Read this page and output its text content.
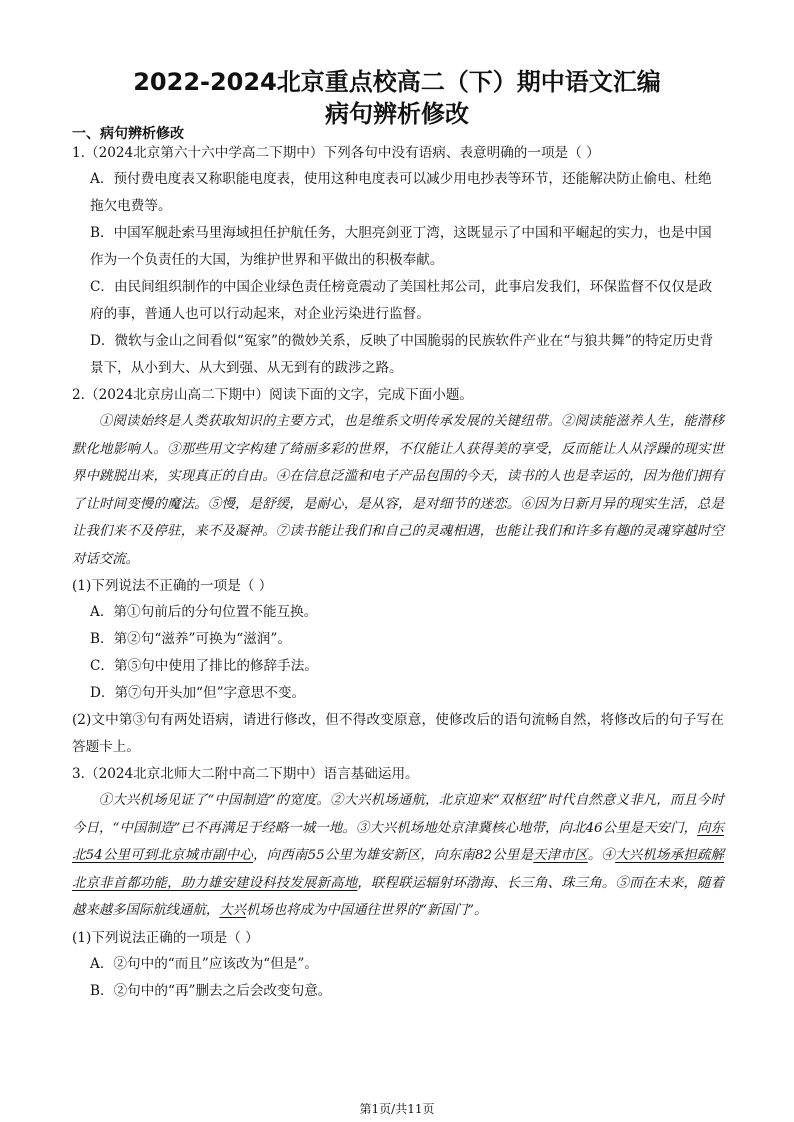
2022-2024北京重点校高二（下）期中语文汇编
病句辨析修改

一、病句辨析修改

1.（2024北京第六十六中学高二下期中）下列各句中没有语病、表意明确的一项是（ ）

A．预付费电度表又称职能电度表，使用这种电度表可以减少用电抄表等环节，还能解决防止偷电、杜绝拖欠电费等。

B．中国军舰赴索马里海域担任护航任务，大胆亮剑亚丁湾，这既显示了中国和平崛起的实力，也是中国作为一个负责任的大国，为维护世界和平做出的积极奉献。

C．由民间组织制作的中国企业绿色责任榜竟震动了美国杜邦公司，此事启发我们，环保监督不仅仅是政府的事，普通人也可以行动起来，对企业污染进行监督。

D．微软与金山之间看似“冤家”的微妙关系，反映了中国脆弱的民族软件产业在“与狼共舞”的特定历史背景下，从小到大、从大到强、从无到有的跋涉之路。

2.（2024北京房山高二下期中）阅读下面的文字，完成下面小题。

①阅读始终是人类获取知识的主要方式，也是维系文明传承发展的关键纽带。②阅读能滋养人生，能潜移默化地影响人。③那些用文字构建了绮丽多彩的世界，不仅能让人获得美的享受，反而能让人从浮躁的现实世界中跳脱出来，实现真正的自由。④在信息泛滥和电子产品包围的今天，读书的人也是幸运的，因为他们拥有了让时间变慢的魔法。⑤慢，是舒缓，是耐心，是从容，是对细节的迷恋。⑥因为日新月异的现实生活，总是让我们来不及停驻，来不及凝神。⑦读书能让我们和自己的灵魂相遇，也能让我们和许多有趣的灵魂穿越时空对话交流。

(1)下列说法不正确的一项是（ ）

A．第①句前后的分句位置不能互换。

B．第②句“滋养”可换为“滋润”。

C．第⑤句中使用了排比的修辞手法。

D．第⑦句开头加“但”字意思不变。

(2)文中第③句有两处语病，请进行修改，但不得改变原意，使修改后的语句流畅自然，将修改后的句子写在答题卡上。

3.（2024北京北师大二附中高二下期中）语言基础运用。

①大兴机场见证了“中国制造”的宽度。②大兴机场通航，北京迎来“双枢纽”时代自然意义非凡，而且今时今日，“中国制造”已不再满足于经略一城一地。③大兴机场地处京津冀核心地带，向北46公里是天安门，向东北54公里可到北京城市副中心，向西南55公里为雄安新区，向东南82公里是天津市区。④大兴机场承担疏解北京非首都功能，助力雄安建设科技发展新高地，联程联运辐射环渤海、长三角、珠三角。⑤而在未来，随着越来越多国际航线通航，大兴机场也将成为中国通往世界的“新国门”。

(1)下列说法正确的一项是（ ）

A．②句中的“而且”应该改为“但是”。

B．②句中的“再”删去之后会改变句意。

第1页/共11页
